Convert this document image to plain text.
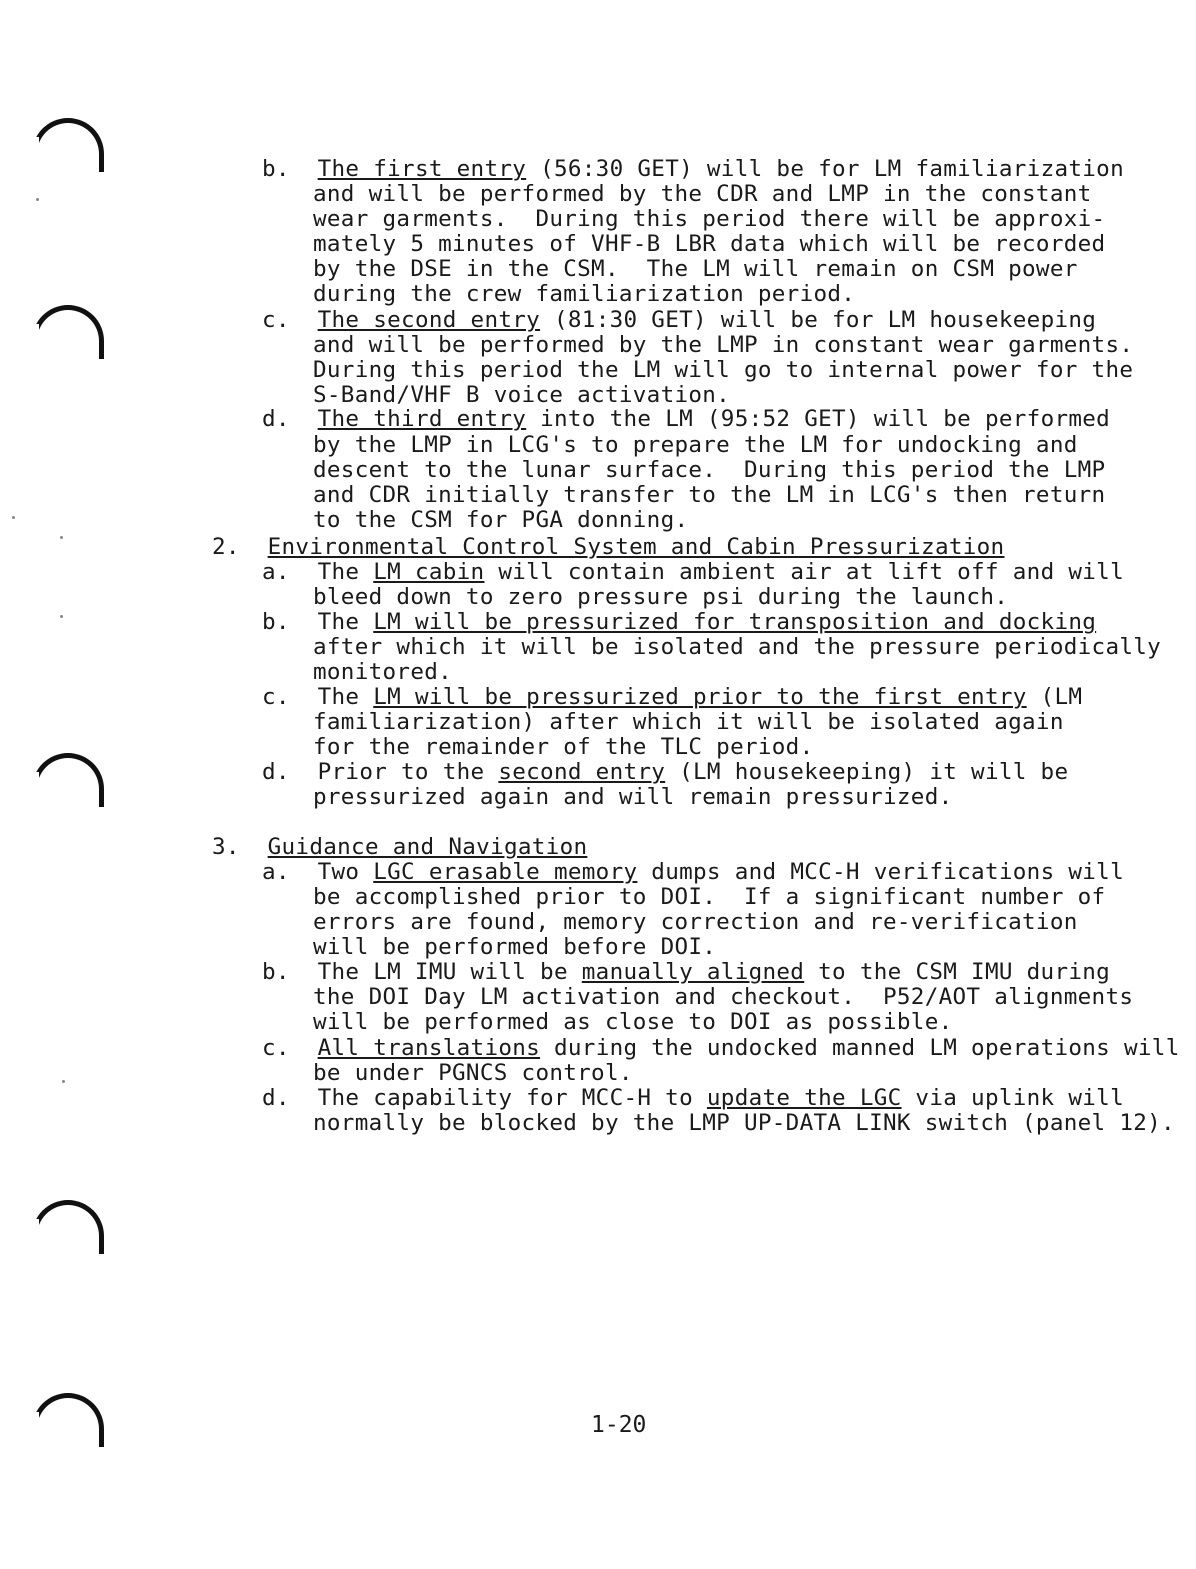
b.  The first entry (56:30 GET) will be for LM familiarization
and will be performed by the CDR and LMP in the constant
wear garments.  During this period there will be approxi-
mately 5 minutes of VHF-B LBR data which will be recorded
by the DSE in the CSM.  The LM will remain on CSM power
during the crew familiarization period.
c.  The second entry (81:30 GET) will be for LM housekeeping
and will be performed by the LMP in constant wear garments.
During this period the LM will go to internal power for the
S-Band/VHF B voice activation.
d.  The third entry into the LM (95:52 GET) will be performed
by the LMP in LCG's to prepare the LM for undocking and
descent to the lunar surface.  During this period the LMP
and CDR initially transfer to the LM in LCG's then return
to the CSM for PGA donning.
2.  Environmental Control System and Cabin Pressurization
a.  The LM cabin will contain ambient air at lift off and will
bleed down to zero pressure psi during the launch.
b.  The LM will be pressurized for transposition and docking
after which it will be isolated and the pressure periodically
monitored.
c.  The LM will be pressurized prior to the first entry (LM
familiarization) after which it will be isolated again
for the remainder of the TLC period.
d.  Prior to the second entry (LM housekeeping) it will be
pressurized again and will remain pressurized.
3.  Guidance and Navigation
a.  Two LGC erasable memory dumps and MCC-H verifications will
be accomplished prior to DOI.  If a significant number of
errors are found, memory correction and re-verification
will be performed before DOI.
b.  The LM IMU will be manually aligned to the CSM IMU during
the DOI Day LM activation and checkout.  P52/AOT alignments
will be performed as close to DOI as possible.
c.  All translations during the undocked manned LM operations will
be under PGNCS control.
d.  The capability for MCC-H to update the LGC via uplink will
normally be blocked by the LMP UP-DATA LINK switch (panel 12).
1-20
